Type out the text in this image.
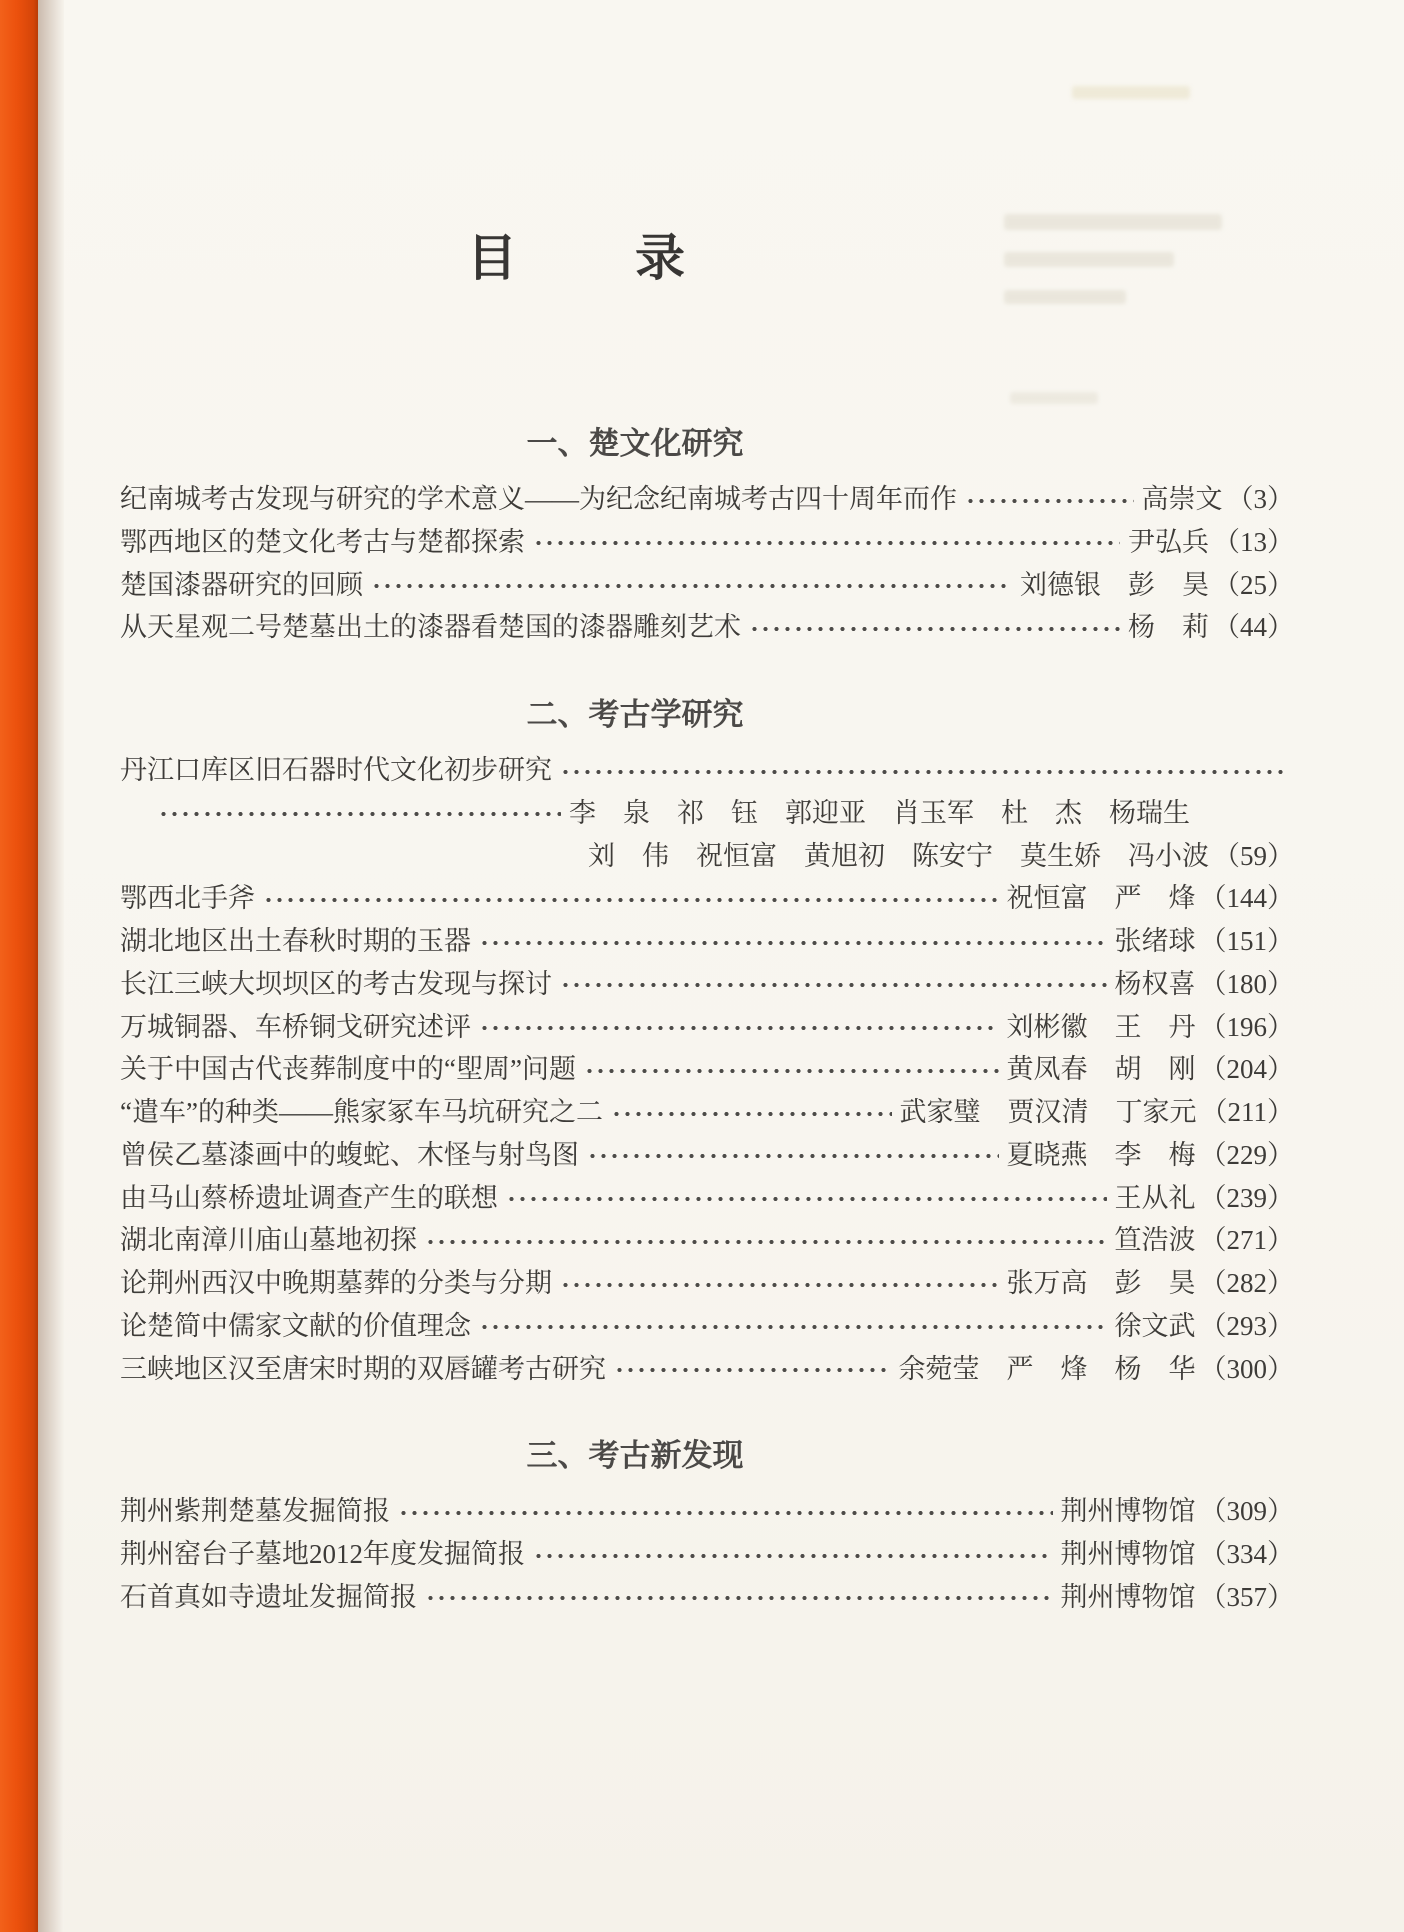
目　　录
一、楚文化研究
纪南城考古发现与研究的学术意义——为纪念纪南城考古四十周年而作	高崇文 （3）
鄂西地区的楚文化考古与楚都探索	尹弘兵 （13）
楚国漆器研究的回顾	刘德银　彭　昊 （25）
从天星观二号楚墓出土的漆器看楚国的漆器雕刻艺术	杨　莉 （44）
二、考古学研究
丹江口库区旧石器时代文化初步研究
李　泉　祁　钰　郭迎亚　肖玉军　杜　杰　杨瑞生
刘　伟　祝恒富　黄旭初　陈安宁　莫生娇　冯小波 （59）
鄂西北手斧	祝恒富　严　烽 （144）
湖北地区出土春秋时期的玉器	张绪球 （151）
长江三峡大坝坝区的考古发现与探讨	杨权喜 （180）
万城铜器、车桥铜戈研究述评	刘彬徽　王　丹 （196）
关于中国古代丧葬制度中的“堲周”问题	黄凤春　胡　刚 （204）
“遣车”的种类——熊家冢车马坑研究之二	武家璧　贾汉清　丁家元 （211）
曾侯乙墓漆画中的蝮蛇、木怪与射鸟图	夏晓燕　李　梅 （229）
由马山蔡桥遗址调查产生的联想	王从礼 （239）
湖北南漳川庙山墓地初探	笪浩波 （271）
论荆州西汉中晚期墓葬的分类与分期	张万高　彭　昊 （282）
论楚简中儒家文献的价值理念	徐文武 （293）
三峡地区汉至唐宋时期的双唇罐考古研究	余菀莹　严　烽　杨　华 （300）
三、考古新发现
荆州紫荆楚墓发掘简报	荆州博物馆 （309）
荆州窑台子墓地2012年度发掘简报	荆州博物馆 （334）
石首真如寺遗址发掘简报	荆州博物馆 （357）
